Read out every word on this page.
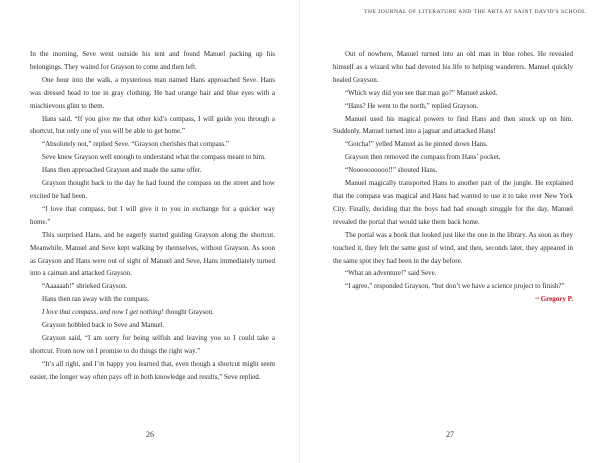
In the morning, Seve went outside his tent and found Manuel packing up his belongings. They waited for Grayson to come and then left.

One hour into the walk, a mysterious man named Hans approached Seve. Hans was dressed head to toe in gray clothing. He had orange hair and blue eyes with a mischievous glint to them.

Hans said, “If you give me that other kid’s compass, I will guide you through a shortcut, but only one of you will be able to get home.”

“Absolutely not,” replied Seve. “Grayson cherishes that compass.”

Seve knew Grayson well enough to understand what the compass meant to him.

Hans then approached Grayson and made the same offer.

Grayson thought back to the day he had found the compass on the street and how excited he had been.

“I love that compass, but I will give it to you in exchange for a quicker way home.”

This surprised Hans, and he eagerly started guiding Grayson along the shortcut. Meanwhile, Manuel and Seve kept walking by themselves, without Grayson. As soon as Grayson and Hans were out of sight of Manuel and Seve, Hans immediately turned into a caiman and attacked Grayson.

“Aaaaaah!” shrieked Grayson.

Hans then ran away with the compass.

I love that compass, and now I get nothing! thought Grayson.

Grayson hobbled back to Seve and Manuel.

Grayson said, “I am sorry for being selfish and leaving you so I could take a shortcut. From now on I promise to do things the right way.”

“It’s all right, and I’m happy you learned that, even though a shortcut might seem easier, the longer way often pays off in both knowledge and results,” Seve replied.

26
THE JOURNAL OF LITERATURE AND THE ARTS AT SAINT DAVID'S SCHOOL

Out of nowhere, Manuel turned into an old man in blue robes. He revealed himself as a wizard who had devoted his life to helping wanderers. Manuel quickly healed Grayson.

“Which way did you see that man go?” Manuel asked.

“Hans? He went to the north,” replied Grayson.

Manuel used his magical powers to find Hans and then snuck up on him. Suddenly, Manuel turned into a jaguar and attacked Hans!

“Gotcha!” yelled Manuel as he pinned down Hans.

Grayson then removed the compass from Hans’ pocket.

“Noooooooooo!!” shouted Hans.

Manuel magically transported Hans to another part of the jungle. He explained that the compass was magical and Hans had wanted to use it to take over New York City. Finally, deciding that the boys had had enough struggle for the day, Manuel revealed the portal that would take them back home.

The portal was a book that looked just like the one in the library. As soon as they touched it, they felt the same gust of wind, and then, seconds later, they appeared in the same spot they had been in the day before.

“What an adventure!” said Seve.

“I agree,” responded Grayson, “but don’t we have a science project to finish?”

~ Gregory P.

27
